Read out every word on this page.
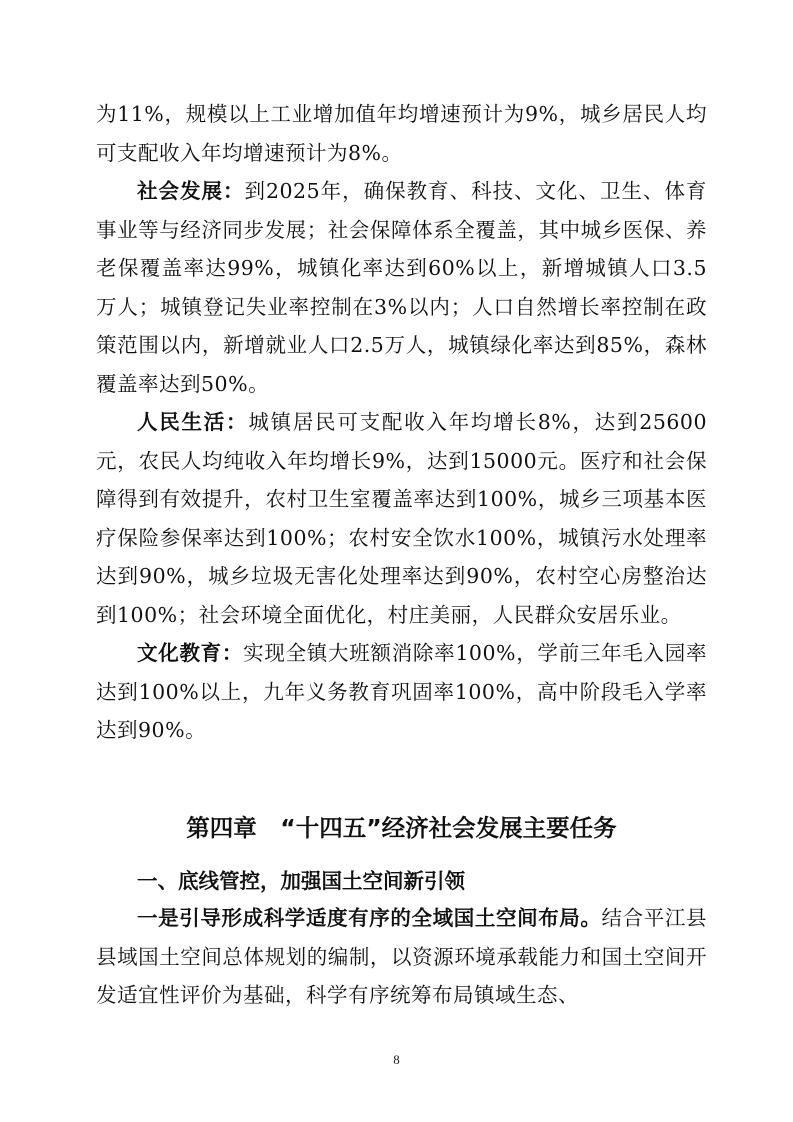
为11%，规模以上工业增加值年均增速预计为9%，城乡居民人均可支配收入年均增速预计为8%。

社会发展：到2025年，确保教育、科技、文化、卫生、体育事业等与经济同步发展；社会保障体系全覆盖，其中城乡医保、养老保覆盖率达99%，城镇化率达到60%以上，新增城镇人口3.5万人；城镇登记失业率控制在3%以内；人口自然增长率控制在政策范围以内，新增就业人口2.5万人，城镇绿化率达到85%，森林覆盖率达到50%。

人民生活：城镇居民可支配收入年均增长8%，达到25600元，农民人均纯收入年均增长9%，达到15000元。医疗和社会保障得到有效提升，农村卫生室覆盖率达到100%，城乡三项基本医疗保险参保率达到100%；农村安全饮水100%，城镇污水处理率达到90%，城乡垃圾无害化处理率达到90%，农村空心房整治达到100%；社会环境全面优化，村庄美丽，人民群众安居乐业。

文化教育：实现全镇大班额消除率100%，学前三年毛入园率达到100%以上，九年义务教育巩固率100%，高中阶段毛入学率达到90%。

第四章　“十四五”经济社会发展主要任务
一、底线管控，加强国土空间新引领

一是引导形成科学适度有序的全域国土空间布局。结合平江县县域国土空间总体规划的编制，以资源环境承载能力和国土空间开发适宜性评价为基础，科学有序统筹布局镇域生态、

8
